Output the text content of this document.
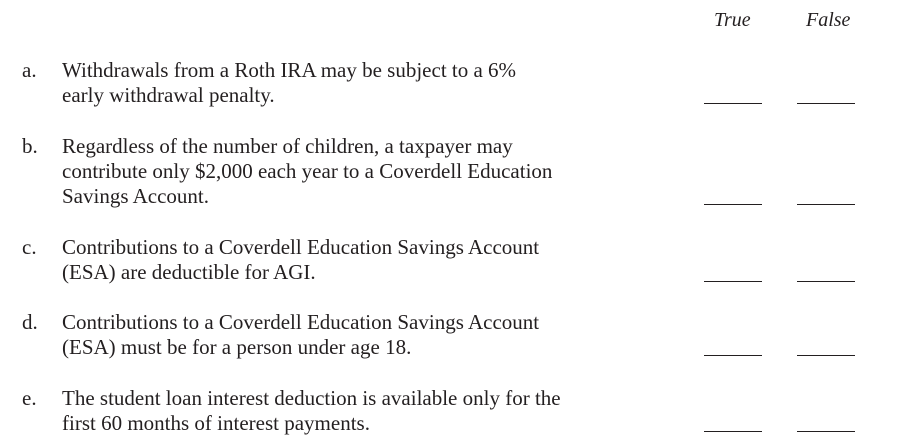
True	False
a.	Withdrawals from a Roth IRA may be subject to a 6%
early withdrawal penalty.
b.	Regardless of the number of children, a taxpayer may
contribute only $2,000 each year to a Coverdell Education
Savings Account.
c.	Contributions to a Coverdell Education Savings Account
(ESA) are deductible for AGI.
d.	Contributions to a Coverdell Education Savings Account
(ESA) must be for a person under age 18.
e.	The student loan interest deduction is available only for the
first 60 months of interest payments.
